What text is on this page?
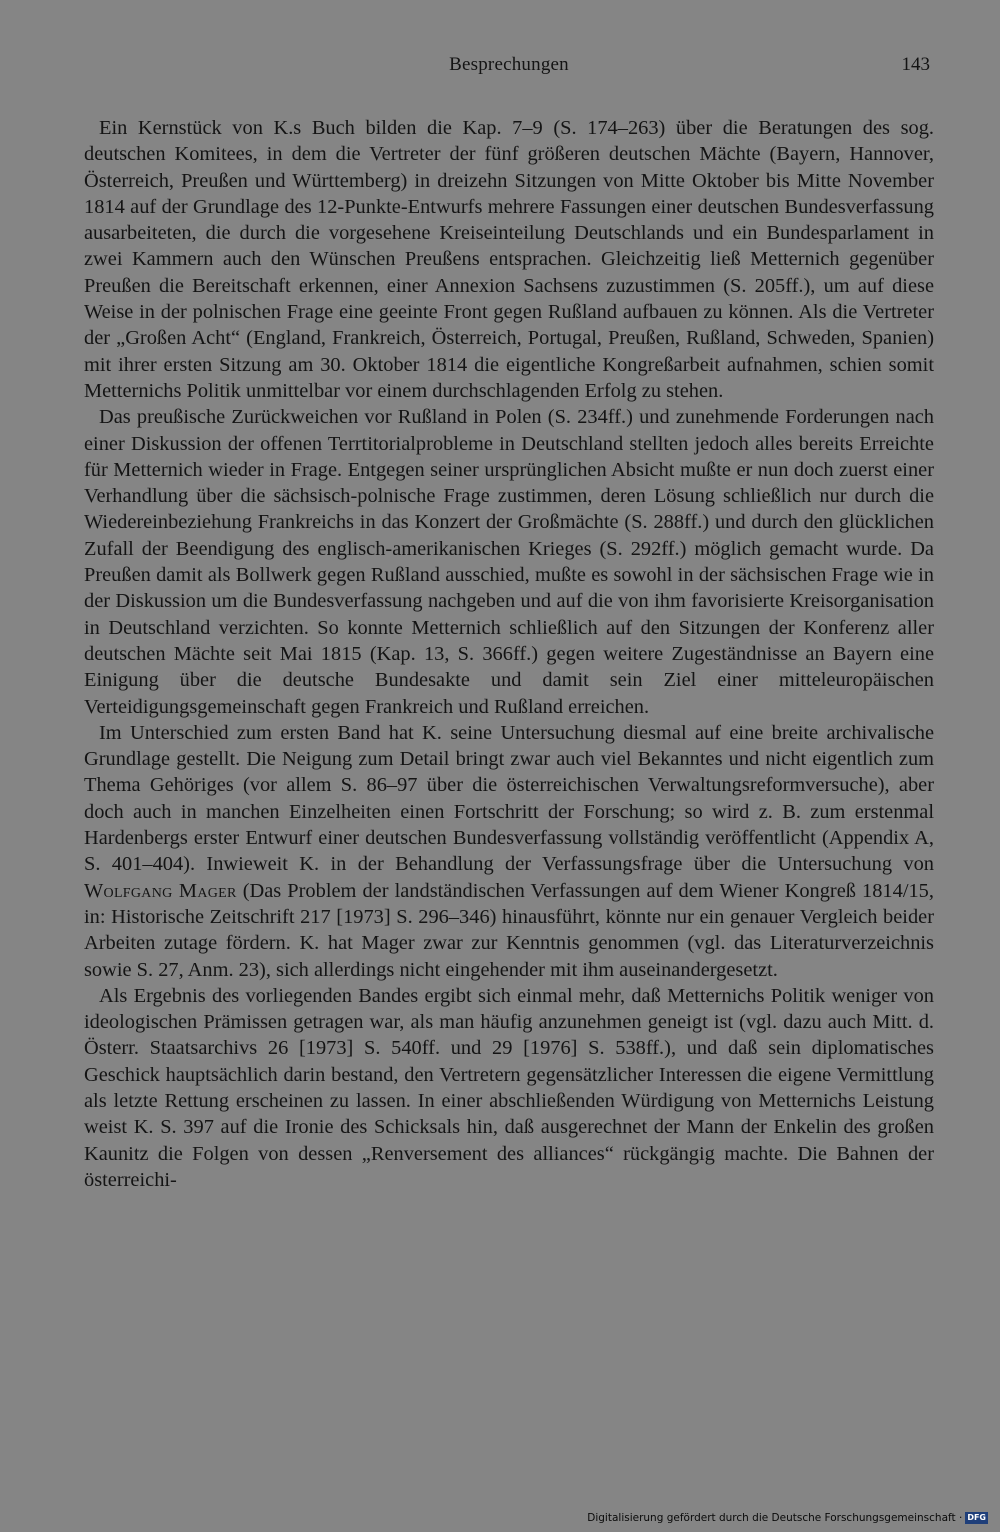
Besprechungen	143

Ein Kernstück von K.s Buch bilden die Kap. 7–9 (S. 174–263) über die Beratungen des sog. deutschen Komitees, in dem die Vertreter der fünf größeren deutschen Mächte (Bayern, Hannover, Österreich, Preußen und Württemberg) in dreizehn Sitzungen von Mitte Oktober bis Mitte November 1814 auf der Grundlage des 12-Punkte-Entwurfs mehrere Fassungen einer deutschen Bundesverfassung ausarbeiteten, die durch die vorgesehene Kreiseinteilung Deutschlands und ein Bundesparlament in zwei Kammern auch den Wünschen Preußens entsprachen. Gleichzeitig ließ Metternich gegenüber Preußen die Bereitschaft erkennen, einer Annexion Sachsens zuzustimmen (S. 205ff.), um auf diese Weise in der polnischen Frage eine geeinte Front gegen Rußland aufbauen zu können. Als die Vertreter der „Großen Acht“ (England, Frankreich, Österreich, Portugal, Preußen, Rußland, Schweden, Spanien) mit ihrer ersten Sitzung am 30. Oktober 1814 die eigentliche Kongreßarbeit aufnahmen, schien somit Metternichs Politik unmittelbar vor einem durchschlagenden Erfolg zu stehen.

Das preußische Zurückweichen vor Rußland in Polen (S. 234ff.) und zunehmende Forderungen nach einer Diskussion der offenen Terrtitorialprobleme in Deutschland stellten jedoch alles bereits Erreichte für Metternich wieder in Frage. Entgegen seiner ursprünglichen Absicht mußte er nun doch zuerst einer Verhandlung über die sächsisch-polnische Frage zustimmen, deren Lösung schließlich nur durch die Wiedereinbeziehung Frankreichs in das Konzert der Großmächte (S. 288ff.) und durch den glücklichen Zufall der Beendigung des englisch-amerikanischen Krieges (S. 292ff.) möglich gemacht wurde. Da Preußen damit als Bollwerk gegen Rußland ausschied, mußte es sowohl in der sächsischen Frage wie in der Diskussion um die Bundesverfassung nachgeben und auf die von ihm favorisierte Kreisorganisation in Deutschland verzichten. So konnte Metternich schließlich auf den Sitzungen der Konferenz aller deutschen Mächte seit Mai 1815 (Kap. 13, S. 366ff.) gegen weitere Zugeständnisse an Bayern eine Einigung über die deutsche Bundesakte und damit sein Ziel einer mitteleuropäischen Verteidigungsgemeinschaft gegen Frankreich und Rußland erreichen.

Im Unterschied zum ersten Band hat K. seine Untersuchung diesmal auf eine breite archivalische Grundlage gestellt. Die Neigung zum Detail bringt zwar auch viel Bekanntes und nicht eigentlich zum Thema Gehöriges (vor allem S. 86–97 über die österreichischen Verwaltungsreformversuche), aber doch auch in manchen Einzelheiten einen Fortschritt der Forschung; so wird z. B. zum erstenmal Hardenbergs erster Entwurf einer deutschen Bundesverfassung vollständig veröffentlicht (Appendix A, S. 401–404). Inwieweit K. in der Behandlung der Verfassungsfrage über die Untersuchung von Wolfgang Mager (Das Problem der landständischen Verfassungen auf dem Wiener Kongreß 1814/15, in: Historische Zeitschrift 217 [1973] S. 296–346) hinausführt, könnte nur ein genauer Vergleich beider Arbeiten zutage fördern. K. hat Mager zwar zur Kenntnis genommen (vgl. das Literaturverzeichnis sowie S. 27, Anm. 23), sich allerdings nicht eingehender mit ihm auseinandergesetzt.

Als Ergebnis des vorliegenden Bandes ergibt sich einmal mehr, daß Metternichs Politik weniger von ideologischen Prämissen getragen war, als man häufig anzunehmen geneigt ist (vgl. dazu auch Mitt. d. Österr. Staatsarchivs 26 [1973] S. 540ff. und 29 [1976] S. 538ff.), und daß sein diplomatisches Geschick hauptsächlich darin bestand, den Vertretern gegensätzlicher Interessen die eigene Vermittlung als letzte Rettung erscheinen zu lassen. In einer abschließenden Würdigung von Metternichs Leistung weist K. S. 397 auf die Ironie des Schicksals hin, daß ausgerechnet der Mann der Enkelin des großen Kaunitz die Folgen von dessen „Renversement des alliances“ rückgängig machte. Die Bahnen der österreichi-

Digitalisierung gefördert durch die Deutsche Forschungsgemeinschaft · DFG
